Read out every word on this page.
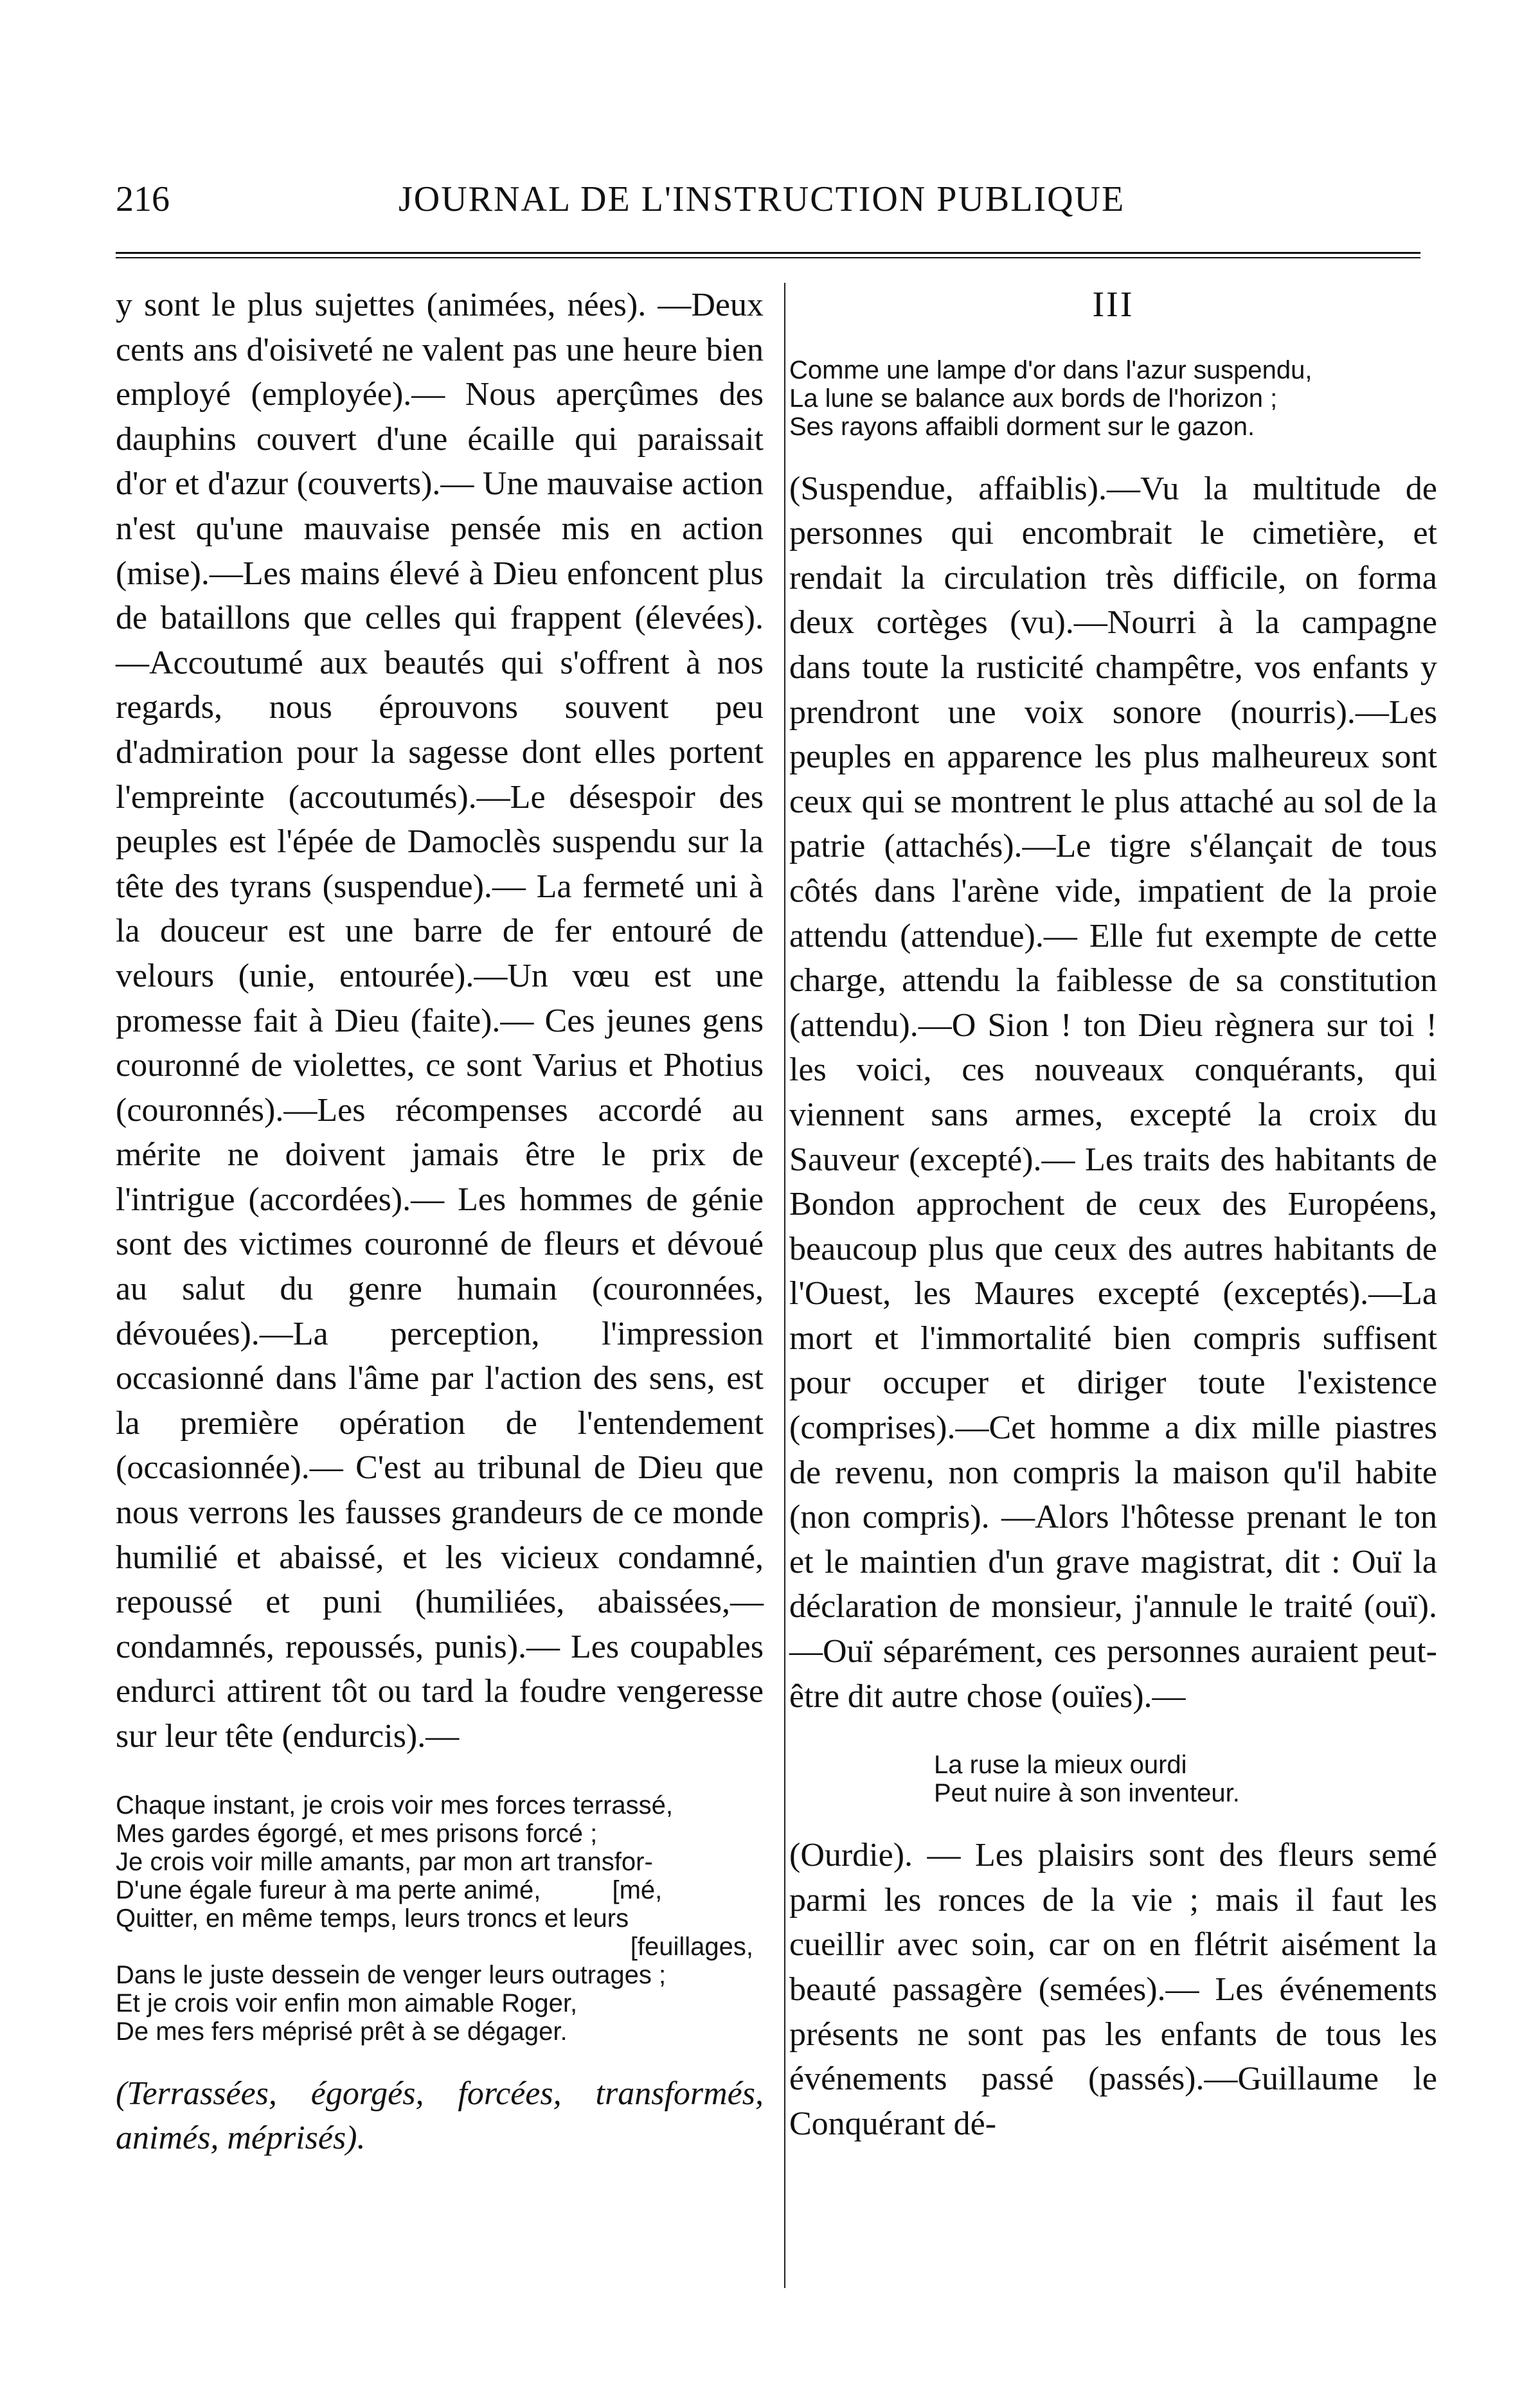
216	JOURNAL DE L'INSTRUCTION PUBLIQUE

y sont le plus sujettes (animées, nées). —Deux cents ans d'oisiveté ne valent pas une heure bien employé (employée).— Nous aperçûmes des dauphins couvert d'une écaille qui paraissait d'or et d'azur (couverts).— Une mauvaise action n'est qu'une mauvaise pensée mis en action (mise).—Les mains élevé à Dieu enfoncent plus de bataillons que celles qui frappent (élevées).—Accoutumé aux beautés qui s'offrent à nos regards, nous éprouvons souvent peu d'admiration pour la sagesse dont elles portent l'empreinte (accoutumés).—Le désespoir des peuples est l'épée de Damoclès suspendu sur la tête des tyrans (suspendue).— La fermeté uni à la douceur est une barre de fer entouré de velours (unie, entourée).—Un vœu est une promesse fait à Dieu (faite).— Ces jeunes gens couronné de violettes, ce sont Varius et Photius (couronnés).—Les récompenses accordé au mérite ne doivent jamais être le prix de l'intrigue (accordées).— Les hommes de génie sont des victimes couronné de fleurs et dévoué au salut du genre humain (couronnées, dévouées).—La perception, l'impression occasionné dans l'âme par l'action des sens, est la première opération de l'entendement (occasionnée).— C'est au tribunal de Dieu que nous verrons les fausses grandeurs de ce monde humilié et abaissé, et les vicieux condamné, repoussé et puni (humiliées, abaissées,— condamnés, repoussés, punis).— Les coupables endurci attirent tôt ou tard la foudre vengeresse sur leur tête (endurcis).—

Chaque instant, je crois voir mes forces terrassé,
Mes gardes égorgé, et mes prisons forcé ;
Je crois voir mille amants, par mon art transfor-
D'une égale fureur à ma perte animé,          [mé,
Quitter, en même temps, leurs troncs et leurs
[feuillages,
Dans le juste dessein de venger leurs outrages ;
Et je crois voir enfin mon aimable Roger,
De mes fers méprisé prêt à se dégager.

(Terrassées, égorgés, forcées, transformés, animés, méprisés).

III
Comme une lampe d'or dans l'azur suspendu,
La lune se balance aux bords de l'horizon ;
Ses rayons affaibli dorment sur le gazon.

(Suspendue, affaiblis).—Vu la multitude de personnes qui encombrait le cimetière, et rendait la circulation très difficile, on forma deux cortèges (vu).—Nourri à la campagne dans toute la rusticité champêtre, vos enfants y prendront une voix sonore (nourris).—Les peuples en apparence les plus malheureux sont ceux qui se montrent le plus attaché au sol de la patrie (attachés).—Le tigre s'élançait de tous côtés dans l'arène vide, impatient de la proie attendu (attendue).— Elle fut exempte de cette charge, attendu la faiblesse de sa constitution (attendu).—O Sion ! ton Dieu règnera sur toi ! les voici, ces nouveaux conquérants, qui viennent sans armes, excepté la croix du Sauveur (excepté).— Les traits des habitants de Bondon approchent de ceux des Européens, beaucoup plus que ceux des autres habitants de l'Ouest, les Maures excepté (exceptés).—La mort et l'immortalité bien compris suffisent pour occuper et diriger toute l'existence (comprises).—Cet homme a dix mille piastres de revenu, non compris la maison qu'il habite (non compris). —Alors l'hôtesse prenant le ton et le maintien d'un grave magistrat, dit : Ouï la déclaration de monsieur, j'annule le traité (ouï).—Ouï séparément, ces personnes auraient peut-être dit autre chose (ouïes).—

La ruse la mieux ourdi
Peut nuire à son inventeur.

(Ourdie). — Les plaisirs sont des fleurs semé parmi les ronces de la vie ; mais il faut les cueillir avec soin, car on en flétrit aisément la beauté passagère (semées).— Les événements présents ne sont pas les enfants de tous les événements passé (passés).—Guillaume le Conquérant dé-
